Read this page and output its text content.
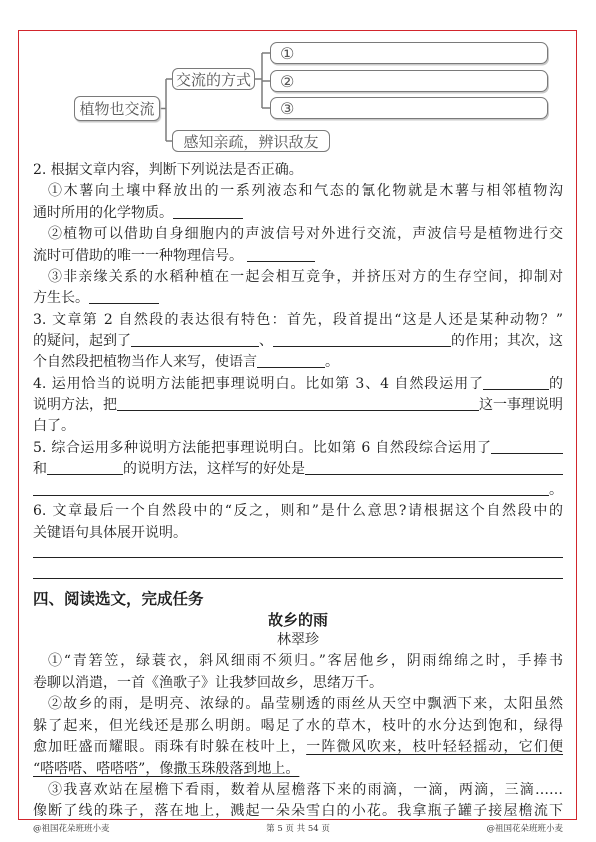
植物也交流
交流的方式
感知亲疏，辨识敌友
①
②
③
2. 根据文章内容，判断下列说法是否正确。
①木薯向土壤中释放出的一系列液态和气态的氰化物就是木薯与相邻植物沟
通时所用的化学物质。
②植物可以借助自身细胞内的声波信号对外进行交流，声波信号是植物进行交
流时可借助的唯一一种物理信号。
③非亲缘关系的水稻种植在一起会相互竞争，并挤压对方的生存空间，抑制对
方生长。
3. 文章第 2 自然段的表达很有特色：首先，段首提出“这是人还是某种动物？”
的疑问，起到了	、	的作用；其次，这
个自然段把植物当作人来写，使语言	。
4. 运用恰当的说明方法能把事理说明白。比如第 3、4 自然段运用了	的
说明方法，把	这一事理说明
白了。
5. 综合运用多种说明方法能把事理说明白。比如第 6 自然段综合运用了
和	的说明方法，这样写的好处是
。
6. 文章最后一个自然段中的“反之，则和”是什么意思?请根据这个自然段中的
关键语句具体展开说明。
四、阅读选文，完成任务
故乡的雨
林翠珍
①“青箬笠，绿蓑衣，斜风细雨不须归。”客居他乡，阴雨绵绵之时，手捧书
卷聊以消遣，一首《渔歌子》让我梦回故乡，思绪万千。
②故乡的雨，是明亮、浓绿的。晶莹剔透的雨丝从天空中飘洒下来，太阳虽然
躲了起来，但光线还是那么明朗。喝足了水的草木，枝叶的水分达到饱和，绿得
愈加旺盛而耀眼。雨珠有时躲在枝叶上，一阵微风吹来，枝叶轻轻摇动，它们便
“嗒嗒嗒、嗒嗒嗒”，像撒玉珠般落到地上。
③我喜欢站在屋檐下看雨，数着从屋檐落下来的雨滴，一滴，两滴，三滴……
像断了线的珠子，落在地上，溅起一朵朵雪白的小花。我拿瓶子罐子接屋檐流下
@祖国花朵班班小麦	第 5 页 共 54 页	@祖国花朵班班小麦
